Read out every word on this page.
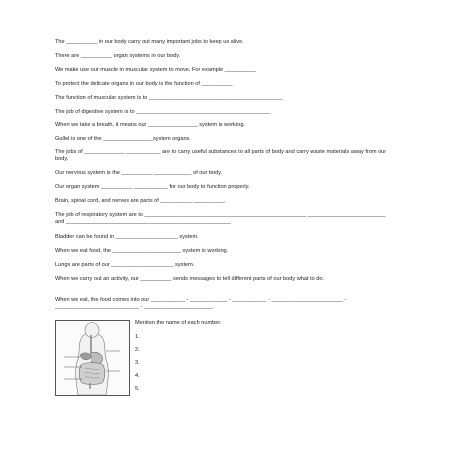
The __________ in our body carry out many important jobs to keep us alive.
There are __________ organ systems in our body.
We make use our muscle in muscular system to move. For example __________
To protect the delicate organs in our body is the function of __________
The function of muscular system is to ___________________________________________
The job of digestive system is to ___________________________________________
When we take a breath, it means our ________________ system is working.
Gullet is one of the ________________system organs.
The jobs of _____________ ___________ are to carry useful substances to all parts of body and carry waste materials away from our body.
Our nervous system is the __________ ____________ of our body.
Our organ system __________ ___________ for our body to function properly.
Brain, spinal cord, and nerves are parts of __________ __________.
The job of respiratory system are to ____________________________________________________ _________________________ and _____________________________________________________
Bladder can be found in ____________________ system.
When we eat food, the ______________________ system is working.
Lungs are parts of our ____________________ system.
When we carry out an activity, our __________ sends messages to tell different parts of our body what to do.
When we eat, the food comes into our ___________ - ____________ - ___________ - _______________________ - ___________________________ - ______________________.
Mention the name of each number.
1.
2.
3.
4.
5.
